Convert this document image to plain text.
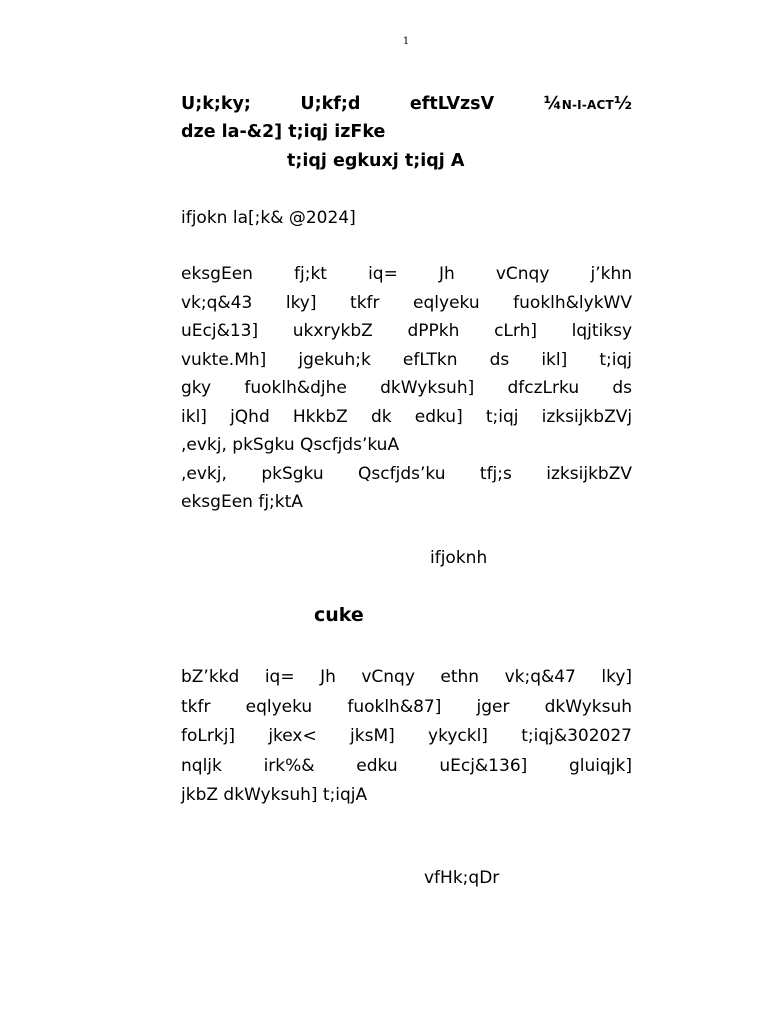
1
U;k;ky;	U;kf;d	eftLVzsV	¼N-I-ACT½
dze la-&2] t;iqj izFke
t;iqj egkuxj t;iqj A
ifjokn la[;k& @2024]
eksgEen fj;kt iq= Jh vCnqy j’khn
vk;q&43 lky] tkfr eqlyeku fuoklh&lykWV
uEcj&13] ukxrykbZ dPPkh cLrh] lqjtiksy
vukte.Mh] jgekuh;k efLTkn ds ikl] t;iqj
gky fuoklh&djhe dkWyksuh] dfczLrku ds
ikl] jQhd HkkbZ dk edku] t;iqj izksijkbZVj
,evkj, pkSgku Qscfjds’kuA
,evkj, pkSgku Qscfjds’ku tfj;s izksijkbZV
eksgEen fj;ktA
ifjoknh
cuke
bZ’kkd iq= Jh vCnqy ethn vk;q&47 lky]
tkfr eqlyeku fuoklh&87] jger dkWyksuh
foLrkj] jkex< jksM] ykyckl] t;iqj&302027
nqljk irk%& edku uEcj&136] gluiqjk]
jkbZ dkWyksuh] t;iqjA
vfHk;qDr
